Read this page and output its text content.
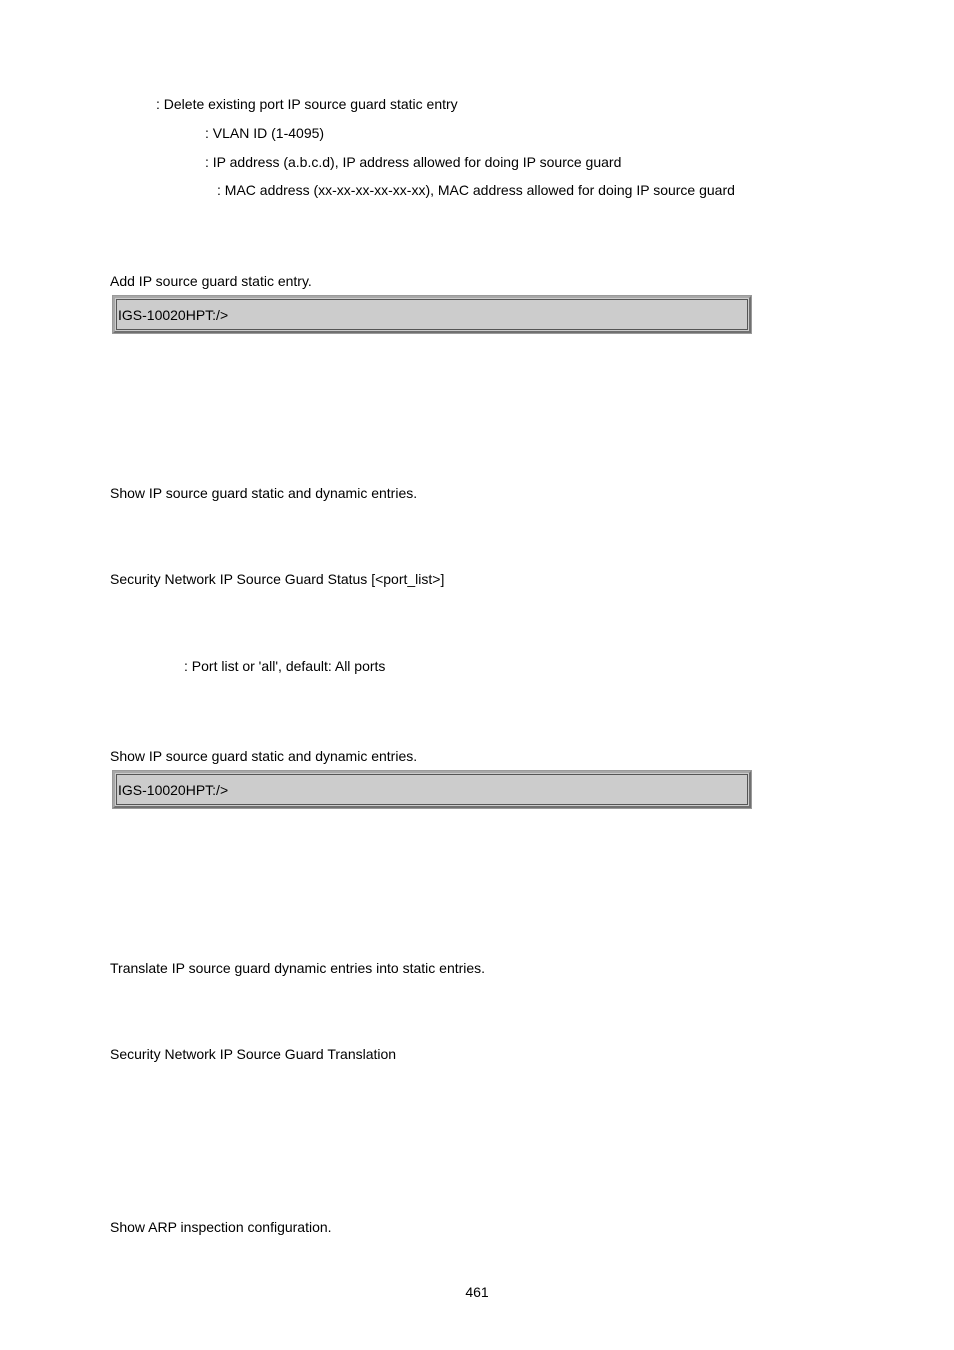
: Delete existing port IP source guard static entry
: VLAN ID (1-4095)
: IP address (a.b.c.d), IP address allowed for doing IP source guard
: MAC address (xx-xx-xx-xx-xx-xx), MAC address allowed for doing IP source guard
Add IP source guard static entry.
IGS-10020HPT:/>
Show IP source guard static and dynamic entries.
Security Network IP Source Guard Status [<port_list>]
: Port list or 'all', default: All ports
Show IP source guard static and dynamic entries.
IGS-10020HPT:/>
Translate IP source guard dynamic entries into static entries.
Security Network IP Source Guard Translation
Show ARP inspection configuration.
461
